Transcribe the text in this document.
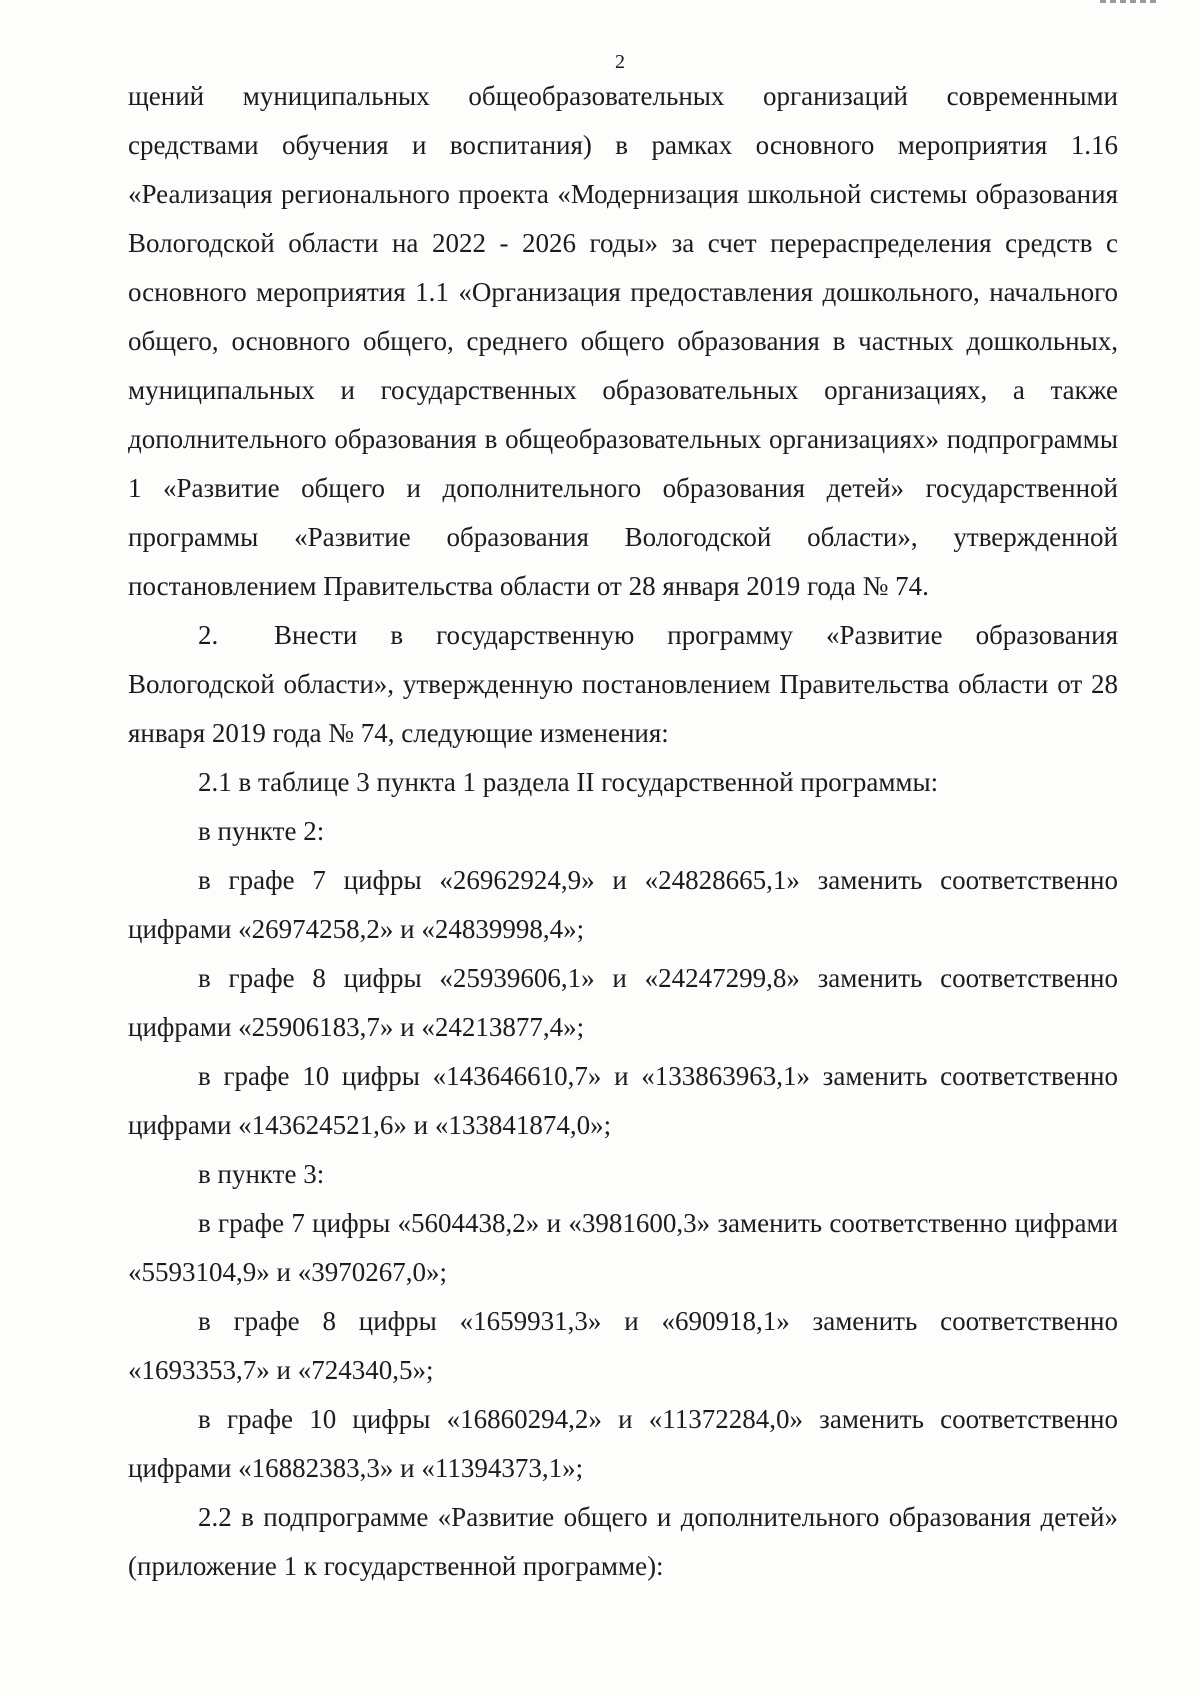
2

щений муниципальных общеобразовательных организаций современными средствами обучения и воспитания) в рамках основного мероприятия 1.16 «Реализация регионального проекта «Модернизация школьной системы образования Вологодской области на 2022 - 2026 годы» за счет перераспределения средств с основного мероприятия 1.1 «Организация предоставления дошкольного, начального общего, основного общего, среднего общего образования в частных дошкольных, муниципальных и государственных образовательных организациях, а также дополнительного образования в общеобразовательных организациях» подпрограммы 1 «Развитие общего и дополнительного образования детей» государственной программы «Развитие образования Вологодской области», утвержденной постановлением Правительства области от 28 января 2019 года № 74.

2. Внести в государственную программу «Развитие образования Вологодской области», утвержденную постановлением Правительства области от 28 января 2019 года № 74, следующие изменения:

2.1 в таблице 3 пункта 1 раздела II государственной программы:

в пункте 2:

в графе 7 цифры «26962924,9» и «24828665,1» заменить соответственно цифрами «26974258,2» и «24839998,4»;

в графе 8 цифры «25939606,1» и «24247299,8» заменить соответственно цифрами «25906183,7» и «24213877,4»;

в графе 10 цифры «143646610,7» и «133863963,1» заменить соответственно цифрами «143624521,6» и «133841874,0»;

в пункте 3:

в графе 7 цифры «5604438,2» и «3981600,3» заменить соответственно цифрами «5593104,9» и «3970267,0»;

в графе 8 цифры «1659931,3» и «690918,1» заменить соответственно «1693353,7» и «724340,5»;

в графе 10 цифры «16860294,2» и «11372284,0» заменить соответственно цифрами «16882383,3» и «11394373,1»;

2.2 в подпрограмме «Развитие общего и дополнительного образования детей» (приложение 1 к государственной программе):
